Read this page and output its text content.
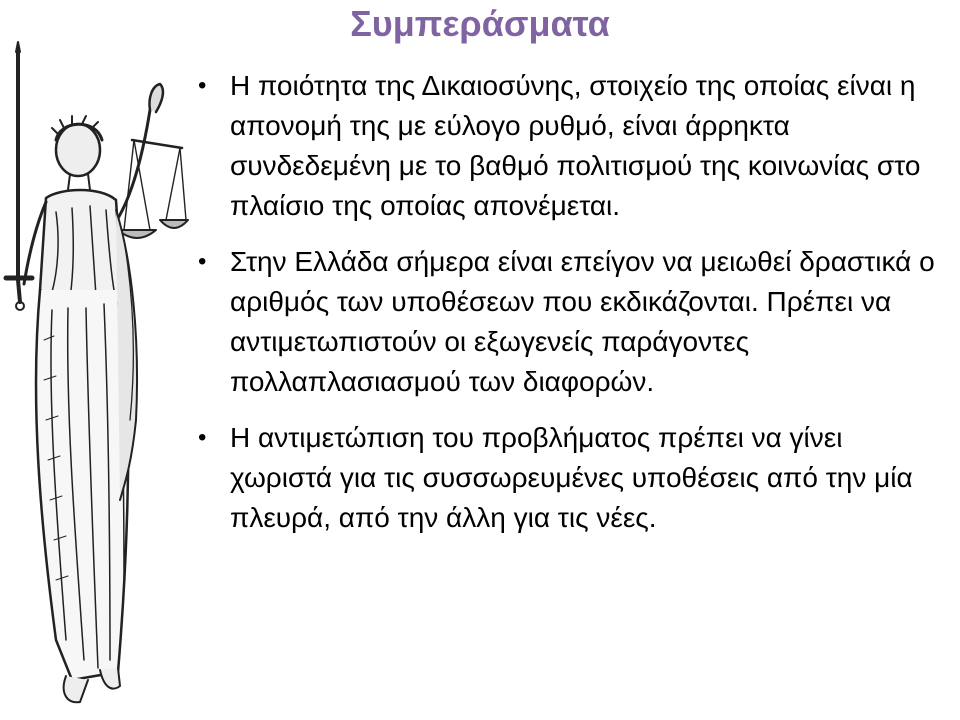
Συμπεράσματα
• Η ποιότητα της Δικαιοσύνης, στοιχείο της οποίας είναι η απονομή της με εύλογο ρυθμό, είναι άρρηκτα συνδεδεμένη με το βαθμό πολιτισμού της κοινωνίας στο πλαίσιο της οποίας απονέμεται.
• Στην Ελλάδα σήμερα είναι επείγον να μειωθεί δραστικά ο αριθμός των υποθέσεων που εκδικάζονται. Πρέπει να αντιμετωπιστούν οι εξωγενείς παράγοντες πολλαπλασιασμού των διαφορών.
• Η αντιμετώπιση του προβλήματος πρέπει να γίνει χωριστά για τις συσσωρευμένες υποθέσεις από την μία πλευρά, από την άλλη για τις νέες.
